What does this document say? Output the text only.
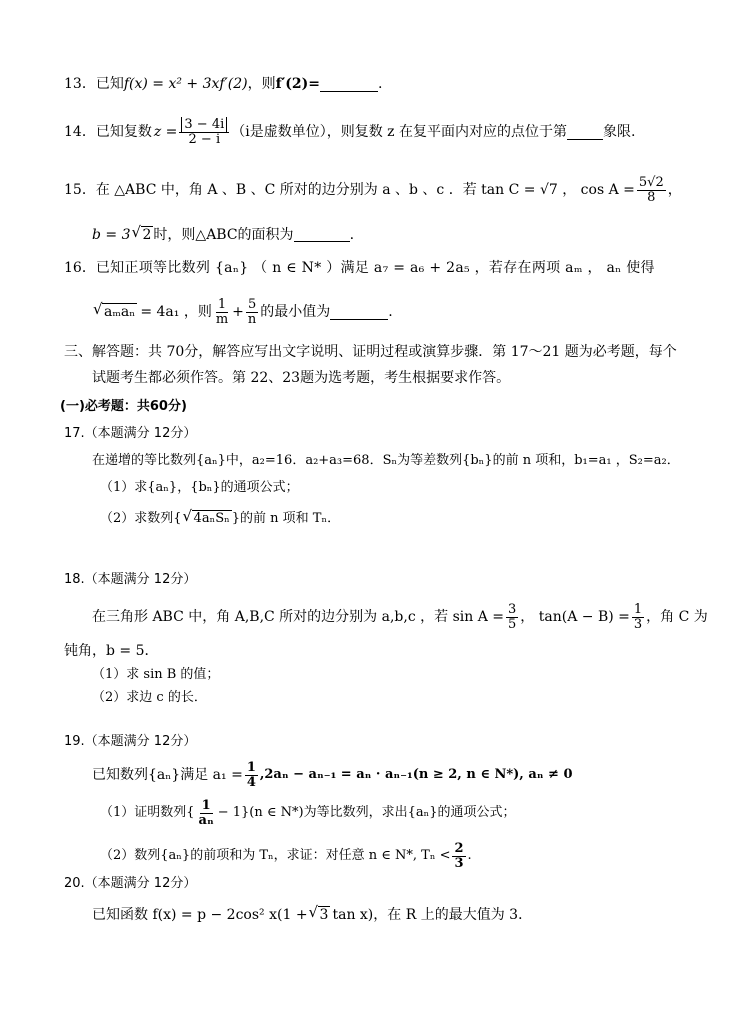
13． 已知 f(x) = x² + 3xf′(2) ，则 f′(2)=	.
14． 已知复数 $z = \frac{3 - 4i}{2 - i} (i$是虚数单位），则复数 z 在复平面内对应的点位于第	象限.
15． 在 △ABC 中，角 A 、B 、C 所对的边分别为 a 、b 、c ．若 tan C = √7 ， $\cos A = \frac{5√2}{8}$ ，
b = 3 √ 2 时，则△ABC的面积为	.
16． 已知正项等比数列 {aₙ} （ n ∈ N* ）满足 a₇ = a₆ + 2a₅ ，若存在两项 aₘ ， aₙ 使得
√ aₘaₙ = 4a₁ ，则 $\frac{1}{m} + \frac{5}{n}$ 的最小值为	.
三、解答题：共 70分，解答应写出文字说明、证明过程或演算步骤．第 17～21 题为必考题，每个
试题考生都必须作答。第 22、23题为选考题，考生根据要求作答。
(一)必考题：共60分)
17.（本题满分 12分）
在递增的等比数列{aₙ}中，a₂=16．a₂+a₃=68．Sₙ为等差数列{bₙ}的前 n 项和，b₁=a₁ ，S₂=a₂．
（1）求{aₙ}，{bₙ}的通项公式；
（2）求数列{ √ 4aₙSₙ }的前 n 项和 Tₙ．
18.（本题满分 12分）
在三角形 ABC 中，角 A,B,C 所对的边分别为 a,b,c ，若 $\sin A = \frac{3}{5}$ ， $\tan(A - B) = \frac{1}{3}$ ，角 C 为
钝角，b = 5．
（1）求 sin B 的值；
（2）求边 c 的长．
19.（本题满分 12分）
已知数列{aₙ}满足 $a_1 = \frac{1}{4} ,2a_n - a_{n-1} = a_n \cdot a_{n-1}(n \ge 2$, n ∈ N*), aₙ ≠ 0
（1）证明数列{ $\frac{1}{\text{aₙ}} - 1\}(n$ ∈ N*)为等比数列，求出{aₙ}的通项公式；
（2）数列{aₙ}的前项和为 Tₙ，求证：对任意 n ∈ N*, $T_n < \frac{2}{3}$ .
20.（本题满分 12分）
已知函数 f(x) = p − 2cos² x(1 + √ 3 tan x)，在 R 上的最大值为 3．
